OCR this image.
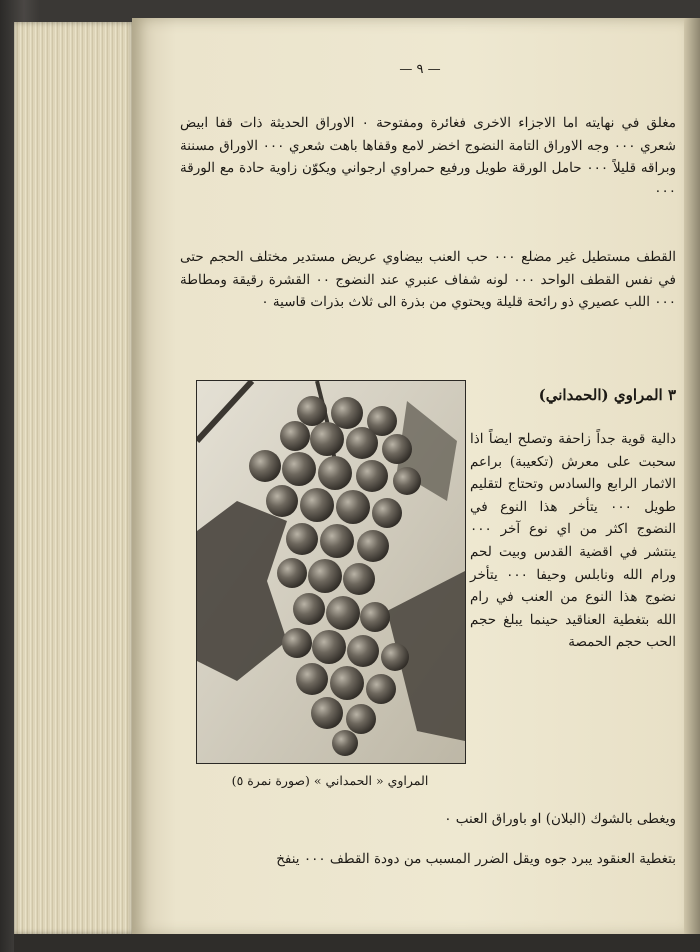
— ٩ —
مغلق في نهايته اما الاجزاء الاخرى فغائرة ومفتوحة ٠ الاوراق الحديثة ذات قفا ابيض شعري ٠٠٠ وجه الاوراق التامة النضوج اخضر لامع وقفاها باهت شعري ٠٠٠ الاوراق مسننة وبراقه قليلاً ٠٠٠ حامل الورقة طويل ورفيع حمراوي ارجواني ويكوّن زاوية حادة مع الورقة ٠٠٠
القطف مستطيل غير مضلع ٠٠٠ حب العنب بيضاوي عريض مستدير مختلف الحجم حتى في نفس القطف الواحد ٠٠٠ لونه شفاف عنبري عند النضوج ٠٠ القشرة رقيقة ومطاطة ٠٠٠ اللب عصيري ذو رائحة قليلة ويحتوي من بذرة الى ثلاث بذرات قاسية ٠
٣ المراوي (الحمداني)
دالية قوية جداً زاحفة وتصلح ايضاً اذا سحبت على معرش (تكعيبة) براعم الاثمار الرابع والسادس وتحتاج لتقليم طويل ٠٠٠ يتأخر هذا النوع في النضوج اكثر من اي نوع آخر ٠٠٠ ينتشر في اقضية القدس وبيت لحم ورام الله ونابلس وحيفا ٠٠٠ يتأخر نضوج هذا النوع من العنب في رام الله بتغطية العناقيد حينما يبلغ حجم الحب حجم الحمصة
المراوي « الحمداني » (صورة نمرة ٥)
ويغطى بالشوك (البلان) او باوراق العنب ٠
بتغطية العنقود يبرد جوه ويقل الضرر المسبب من دودة القطف ٠٠٠ ينفخ
